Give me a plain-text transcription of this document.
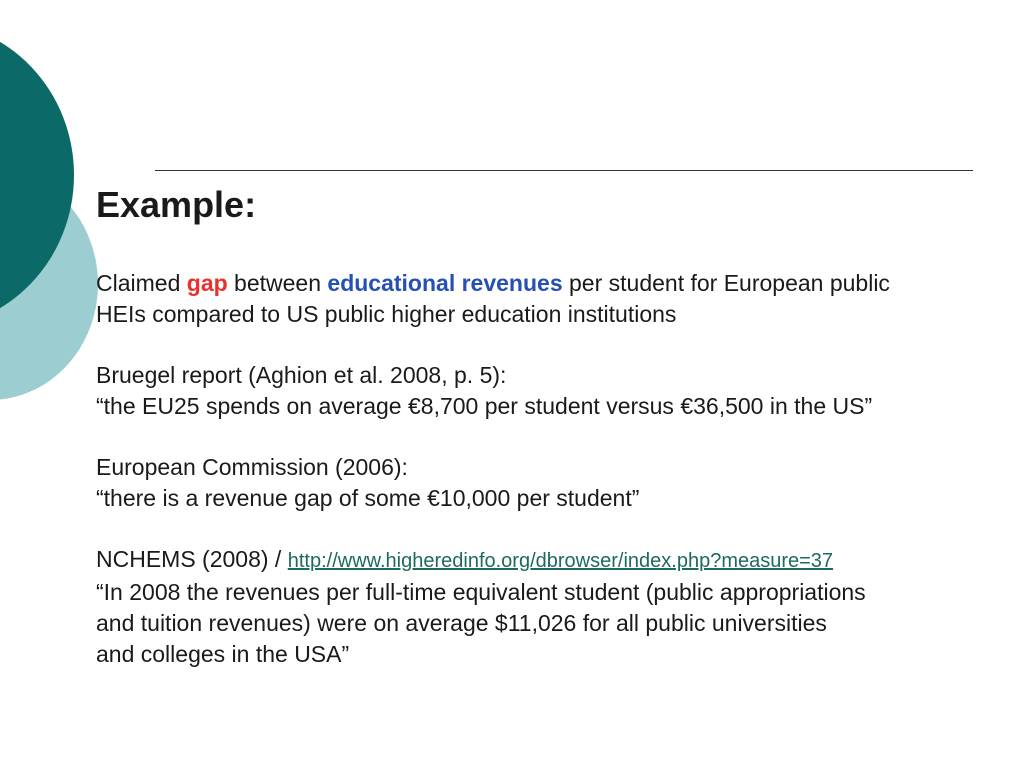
Example:
Claimed gap between educational revenues per student for European public
HEIs compared to US public higher education institutions
Bruegel report (Aghion et al. 2008, p. 5):
“the EU25 spends on average €8,700 per student versus €36,500 in the US”
European Commission (2006):
“there is a revenue gap of some €10,000 per student”
NCHEMS (2008) / http://www.higheredinfo.org/dbrowser/index.php?measure=37
“In 2008 the revenues per full-time equivalent student (public appropriations
and tuition revenues) were on average $11,026 for all public universities
and colleges in the USA”
